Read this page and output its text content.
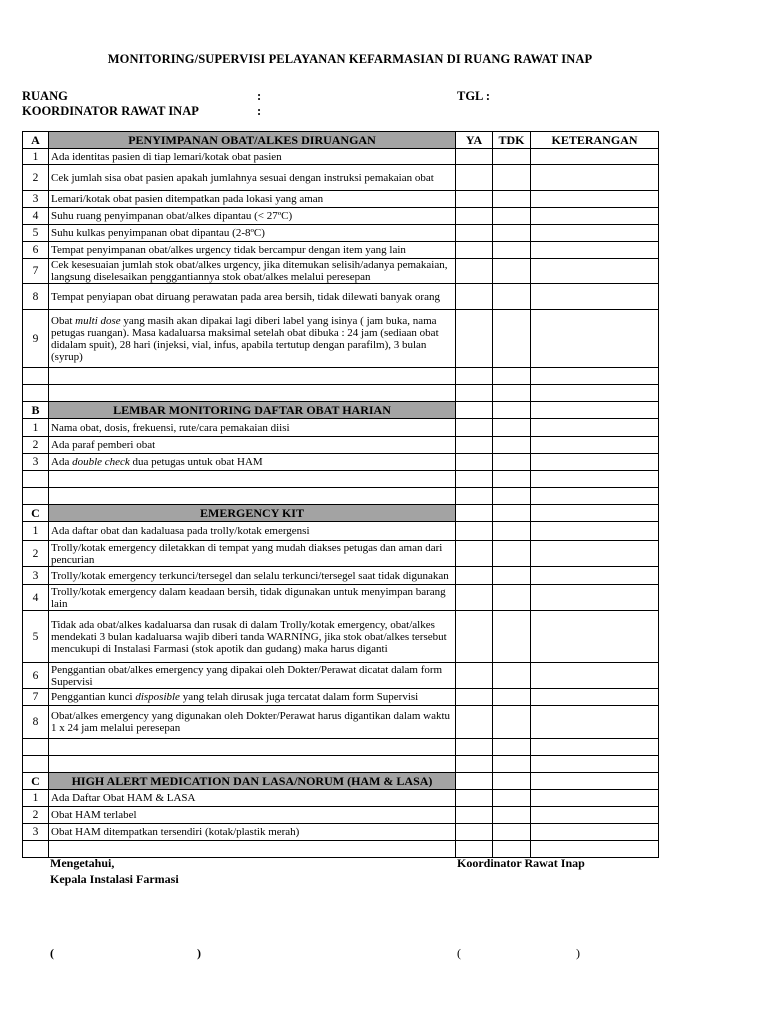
MONITORING/SUPERVISI PELAYANAN KEFARMASIAN DI RUANG RAWAT INAP
RUANG	:	TGL :
KOORDINATOR RAWAT INAP	:
A	PENYIMPANAN OBAT/ALKES DIRUANGAN	YA	TDK	KETERANGAN
1	Ada identitas pasien di tiap lemari/kotak obat pasien			
2	Cek jumlah sisa obat pasien apakah jumlahnya sesuai dengan instruksi pemakaian obat			
3	Lemari/kotak obat pasien ditempatkan pada lokasi yang aman			
4	Suhu ruang penyimpanan obat/alkes dipantau (< 27ºC)			
5	Suhu kulkas penyimpanan obat dipantau (2-8ºC)			
6	Tempat penyimpanan obat/alkes urgency tidak bercampur dengan item yang lain			
7	Cek kesesuaian jumlah stok obat/alkes urgency, jika ditemukan selisih/adanya pemakaian, langsung diselesaikan penggantiannya stok obat/alkes melalui peresepan			
8	Tempat penyiapan obat diruang perawatan pada area bersih, tidak dilewati banyak orang			
9	Obat multi dose yang masih akan dipakai lagi diberi label yang isinya ( jam buka, nama petugas ruangan). Masa kadaluarsa maksimal setelah obat dibuka : 24 jam (sediaan obat didalam spuit), 28 hari (injeksi, vial, infus, apabila tertutup dengan parafilm), 3 bulan (syrup)			

B	LEMBAR MONITORING DAFTAR OBAT HARIAN			
1	Nama obat, dosis, frekuensi, rute/cara pemakaian diisi			
2	Ada paraf pemberi obat			
3	Ada double check dua petugas untuk obat HAM			

C	EMERGENCY KIT			
1	Ada daftar obat dan kadaluasa pada trolly/kotak emergensi			
2	Trolly/kotak emergency diletakkan di tempat yang mudah diakses petugas dan aman dari pencurian			
3	Trolly/kotak emergency terkunci/tersegel dan selalu terkunci/tersegel saat tidak digunakan			
4	Trolly/kotak emergency dalam keadaan bersih, tidak digunakan untuk menyimpan barang lain			
5	Tidak ada obat/alkes kadaluarsa dan rusak di dalam Trolly/kotak emergency, obat/alkes mendekati 3 bulan kadaluarsa wajib diberi tanda WARNING, jika stok obat/alkes tersebut mencukupi di Instalasi Farmasi (stok apotik dan gudang) maka harus diganti			
6	Penggantian obat/alkes emergency yang dipakai oleh Dokter/Perawat dicatat dalam form Supervisi			
7	Penggantian kunci disposible yang telah dirusak juga tercatat dalam form Supervisi			
8	Obat/alkes emergency yang digunakan oleh Dokter/Perawat harus digantikan dalam waktu 1 x 24 jam melalui peresepan			

C	HIGH ALERT MEDICATION DAN LASA/NORUM (HAM & LASA)			
1	Ada Daftar Obat HAM & LASA			
2	Obat HAM terlabel			
3	Obat HAM ditempatkan tersendiri (kotak/plastik merah)			

Mengetahui,
Kepala Instalasi Farmasi
Koordinator Rawat Inap
(	)	(	)
